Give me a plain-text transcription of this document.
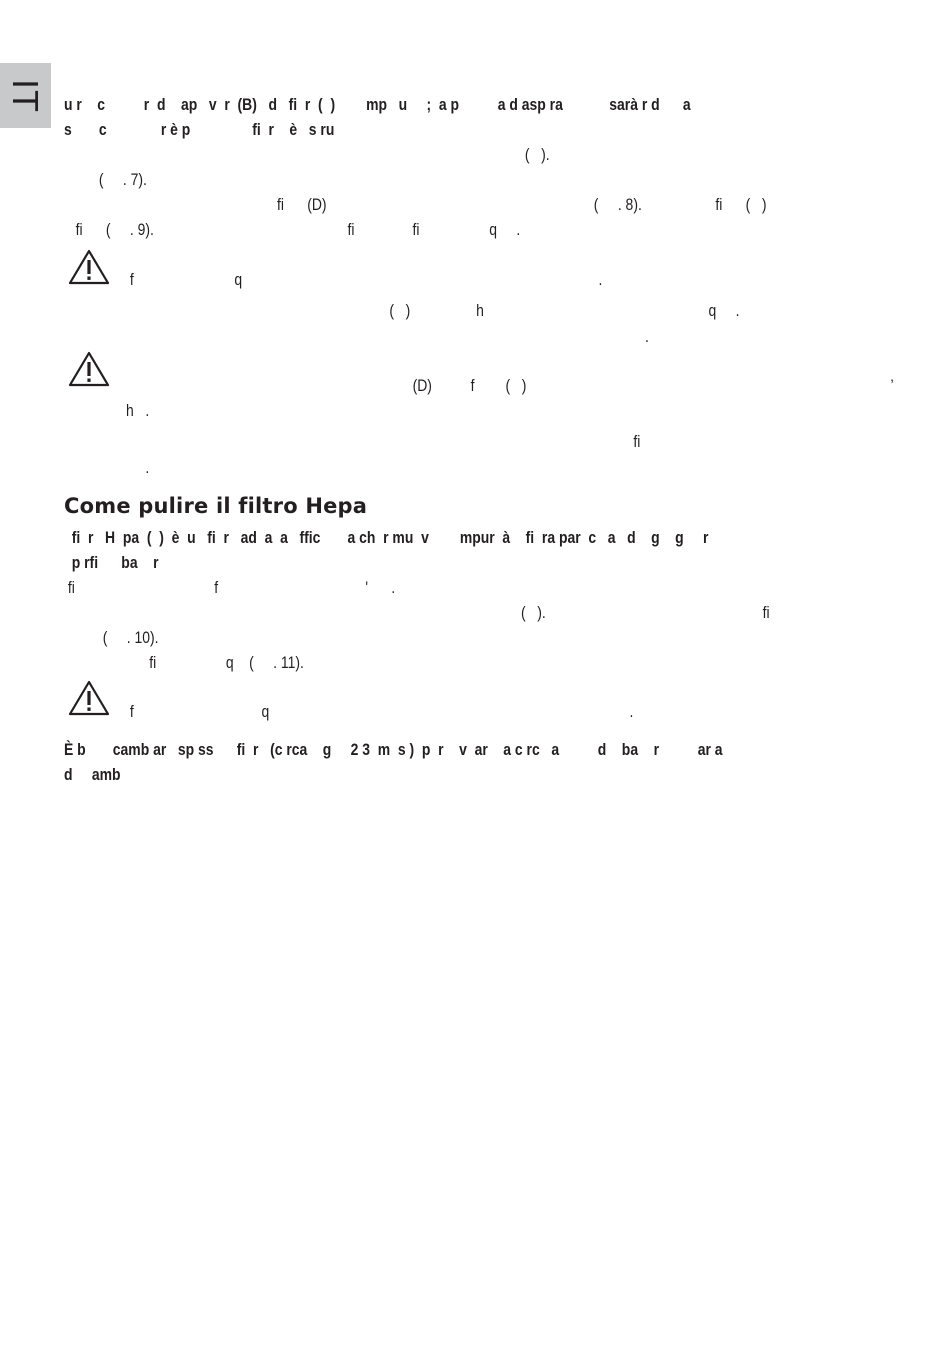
IT u r    c          r  d    ap   v  r  (B)   d   fi  r  (  )        mp   u     ;  a p          a d asp ra            sarà r d      a
s       c              r è p                fi  r    è   s ru
(   ).
(     . 7).
fi      (D)                                                                     (     . 8).                   fi      (   )
fi      (     . 9).                                                  fi               fi                  q     .
f                          q                                                                                            .
(   )                 h                                                          q     .
.
(D)          f        (   )                                                                                              ’
h   .
fi
.
Come pulire il filtro Hepa
fi  r   H  pa  (  )  è  u   fi  r   ad  a  a   ffic       a ch  r mu  v        mpur  à    fi  ra par  c   a   d    g    g     r
p rfi      ba    r
fi                                    f                                      '      .
(   ).                                                        fi
(     . 10).
fi                  q    (     . 11).
f                                 q                                                                                             .
È b       camb ar   sp ss      fi  r   (c rca    g     2 3  m  s )  p  r    v  ar    a c rc   a          d    ba    r          ar a
d     amb
